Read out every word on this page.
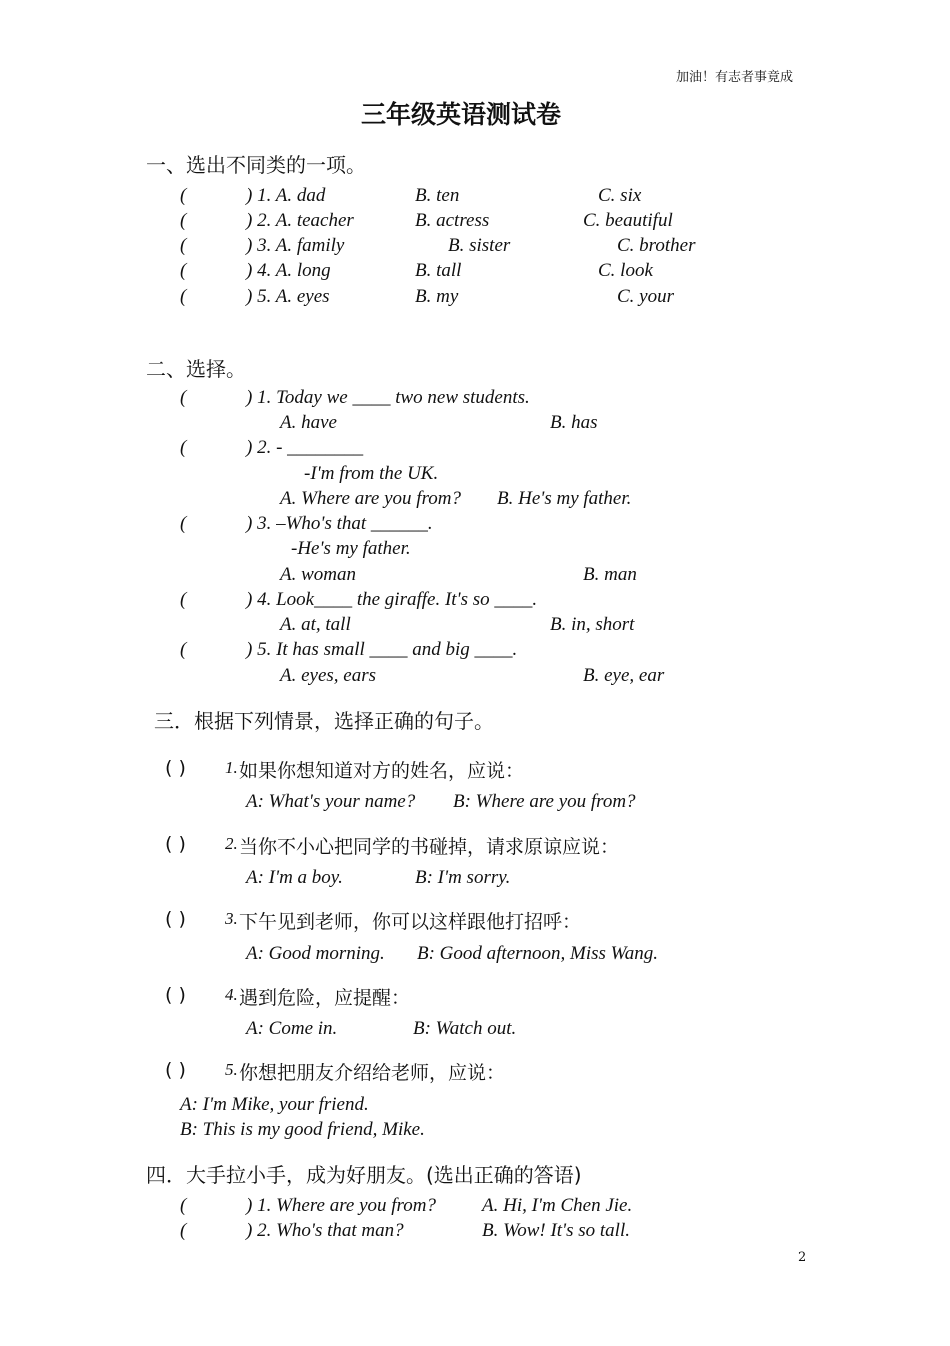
加油！有志者事竟成
三年级英语测试卷
一、选出不同类的一项。
(	) 1. A. dad	B. ten	C. six
(	) 2. A. teacher	B. actress	C. beautiful
(	) 3. A. family	B. sister	C. brother
(	) 4. A. long	B. tall	C. look
(	) 5. A. eyes	B. my	C. your
二、选择。
(	) 1. Today we ____ two new students.
A. have	B. has
(	) 2. - ________
-I'm from the UK.
A. Where are you from? B. He's my father.
(	) 3. –Who's that ______.
-He's my father.
A. woman	B. man
(	) 4. Look____ the giraffe. It's so ____.
A. at, tall	B. in, short
(	) 5. It has small ____ and big ____.
A. eyes, ears	B. eye, ear
三．根据下列情景，选择正确的句子。
( ) 1. 如果你想知道对方的姓名，应说：
A: What's your name? B: Where are you from?
( ) 2. 当你不小心把同学的书碰掉，请求原谅应说：
A: I'm a boy.	B: I'm sorry.
( ) 3. 下午见到老师，你可以这样跟他打招呼：
A: Good morning. B: Good afternoon, Miss Wang.
( ) 4. 遇到危险，应提醒：
A: Come in.	B: Watch out.
( ) 5. 你想把朋友介绍给老师，应说：
A: I'm Mike, your friend.
B: This is my good friend, Mike.
四．大手拉小手，成为好朋友。(选出正确的答语)
(	) 1. Where are you from? A. Hi, I'm Chen Jie.
(	) 2. Who's that man?	B. Wow! It's so tall.
2
